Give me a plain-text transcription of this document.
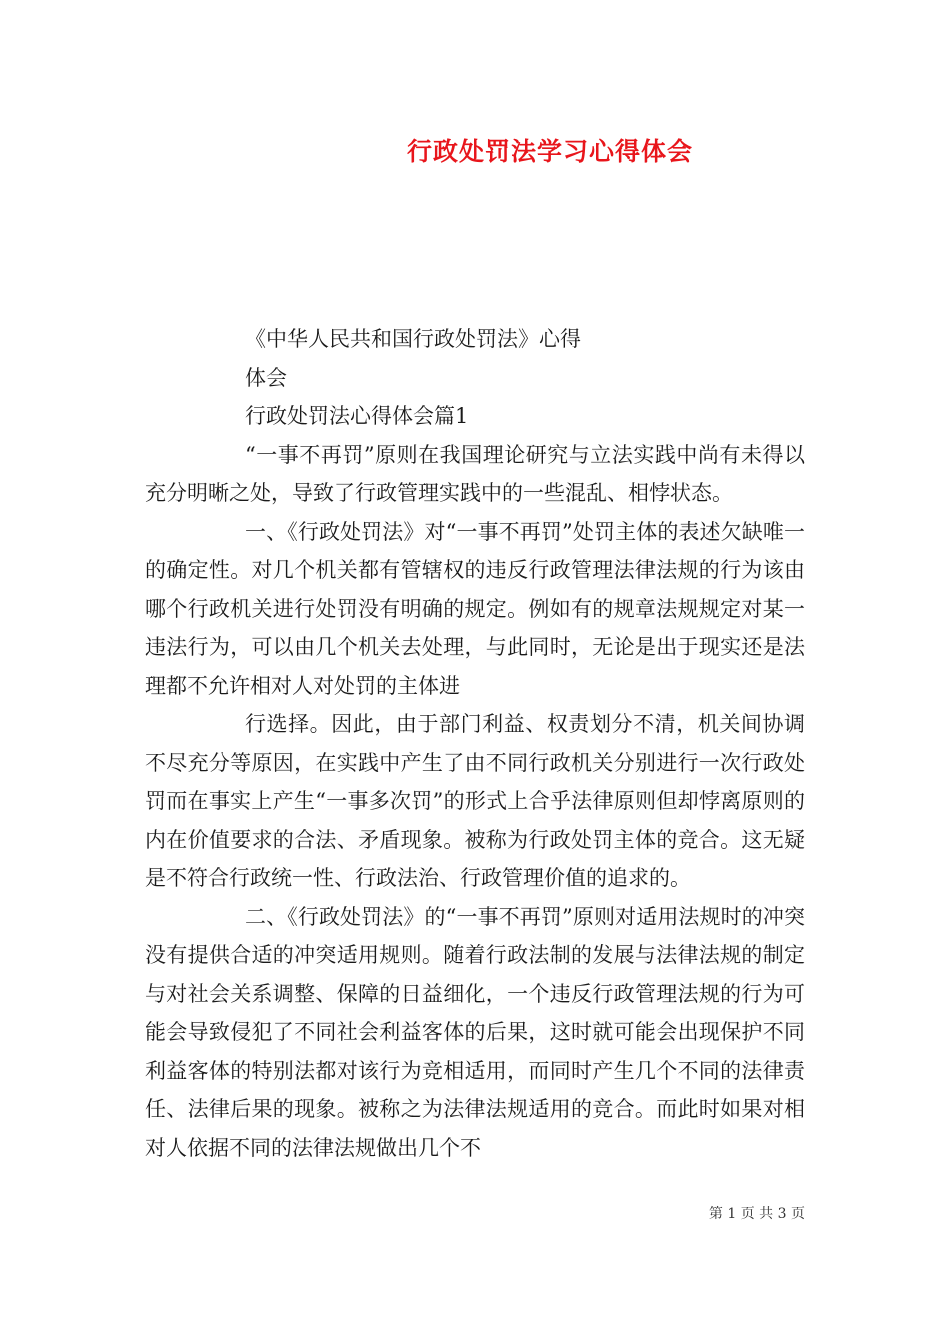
行政处罚法学习心得体会
《中华人民共和国行政处罚法》心得
体会
行政处罚法心得体会篇1

“一事不再罚”原则在我国理论研究与立法实践中尚有未得以充分明晰之处，导致了行政管理实践中的一些混乱、相悖状态。

一、《行政处罚法》对“一事不再罚”处罚主体的表述欠缺唯一的确定性。对几个机关都有管辖权的违反行政管理法律法规的行为该由哪个行政机关进行处罚没有明确的规定。例如有的规章法规规定对某一违法行为，可以由几个机关去处理，与此同时，无论是出于现实还是法理都不允许相对人对处罚的主体进

行选择。因此，由于部门利益、权责划分不清，机关间协调不尽充分等原因，在实践中产生了由不同行政机关分别进行一次行政处罚而在事实上产生“一事多次罚”的形式上合乎法律原则但却悖离原则的内在价值要求的合法、矛盾现象。被称为行政处罚主体的竞合。这无疑是不符合行政统一性、行政法治、行政管理价值的追求的。

二、《行政处罚法》的“一事不再罚”原则对适用法规时的冲突没有提供合适的冲突适用规则。随着行政法制的发展与法律法规的制定与对社会关系调整、保障的日益细化，一个违反行政管理法规的行为可能会导致侵犯了不同社会利益客体的后果，这时就可能会出现保护不同利益客体的特别法都对该行为竞相适用，而同时产生几个不同的法律责任、法律后果的现象。被称之为法律法规适用的竞合。而此时如果对相对人依据不同的法律法规做出几个不

第 1 页 共 3 页
